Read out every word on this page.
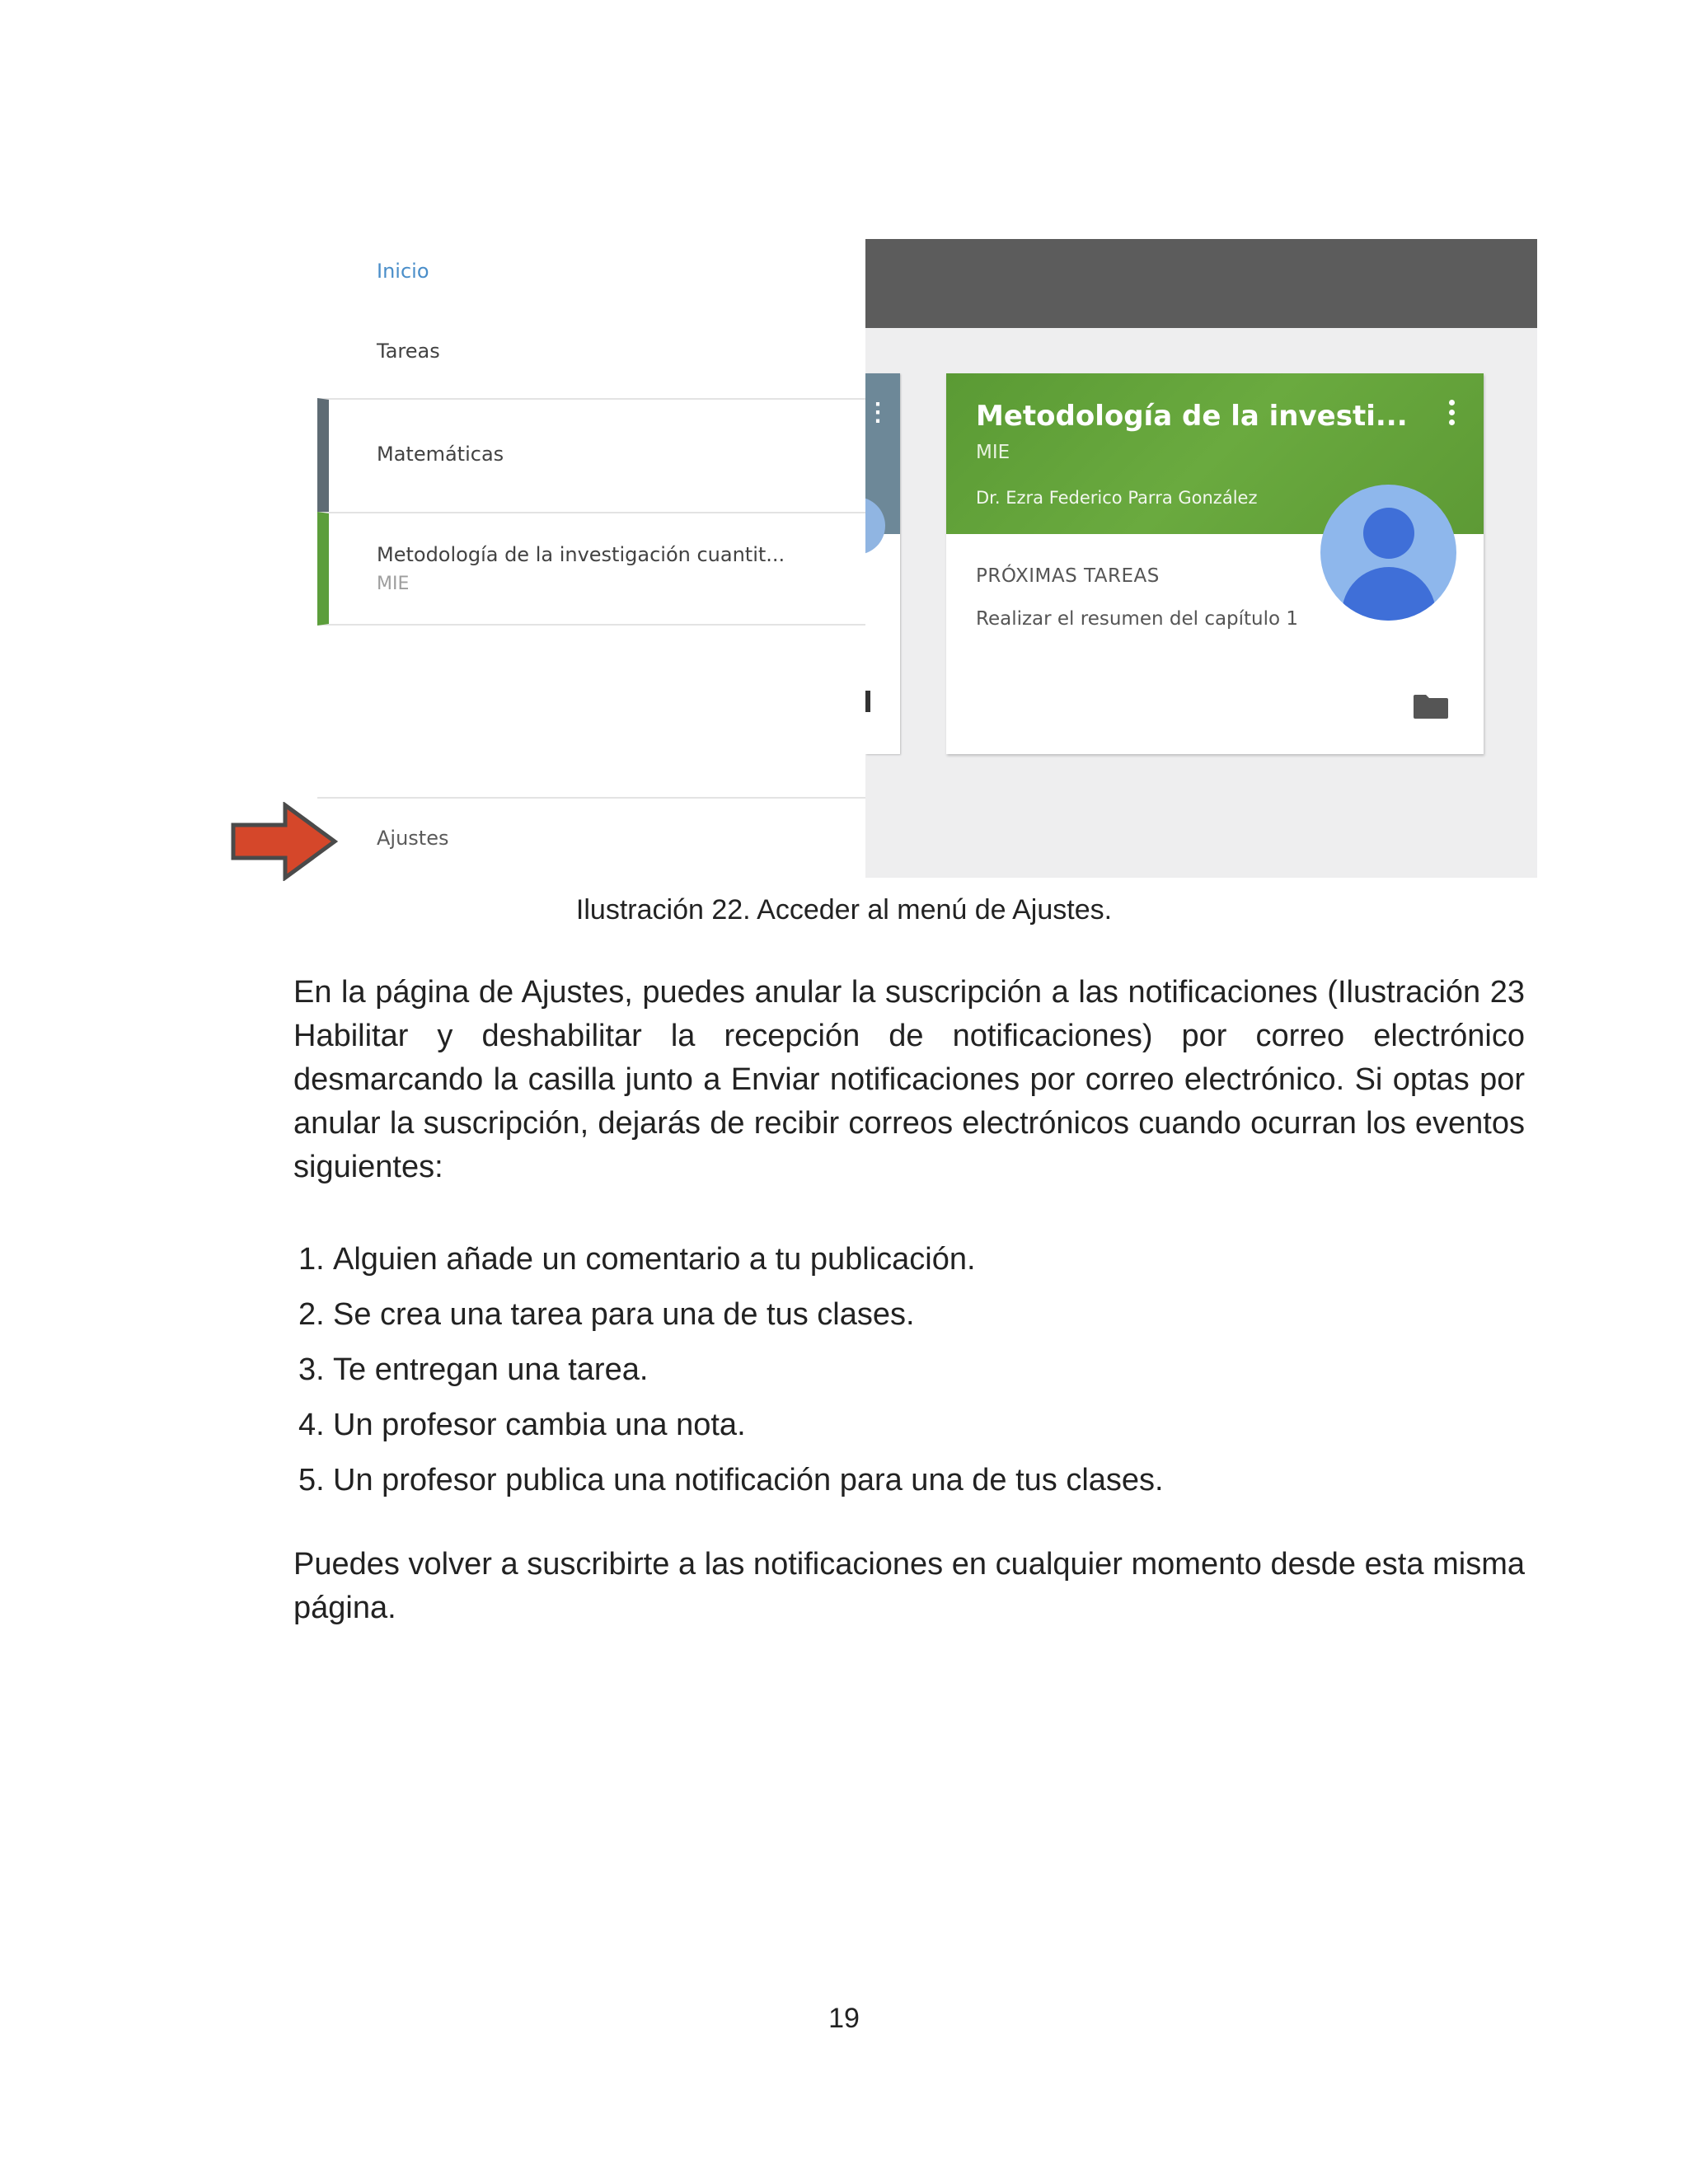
⋮	Metodología de la investi...
MIE
Dr. Ezra Federico Parra González
PRÓXIMAS TAREAS
Realizar el resumen del capítulo 1
Inicio
Tareas
Matemáticas
Metodología de la investigación cuantit...
MIE
Ajustes
Ilustración 22. Acceder al menú de Ajustes.

En la página de Ajustes, puedes anular la suscripción a las notificaciones (Ilustración 23 Habilitar y deshabilitar la recepción de notificaciones) por correo electrónico desmarcando la casilla junto a Enviar notificaciones por correo electrónico. Si optas por anular la suscripción, dejarás de recibir correos electrónicos cuando ocurran los eventos siguientes:

1. Alguien añade un comentario a tu publicación.
2. Se crea una tarea para una de tus clases.
3. Te entregan una tarea.
4. Un profesor cambia una nota.
5. Un profesor publica una notificación para una de tus clases.

Puedes volver a suscribirte a las notificaciones en cualquier momento desde esta misma página.

19
